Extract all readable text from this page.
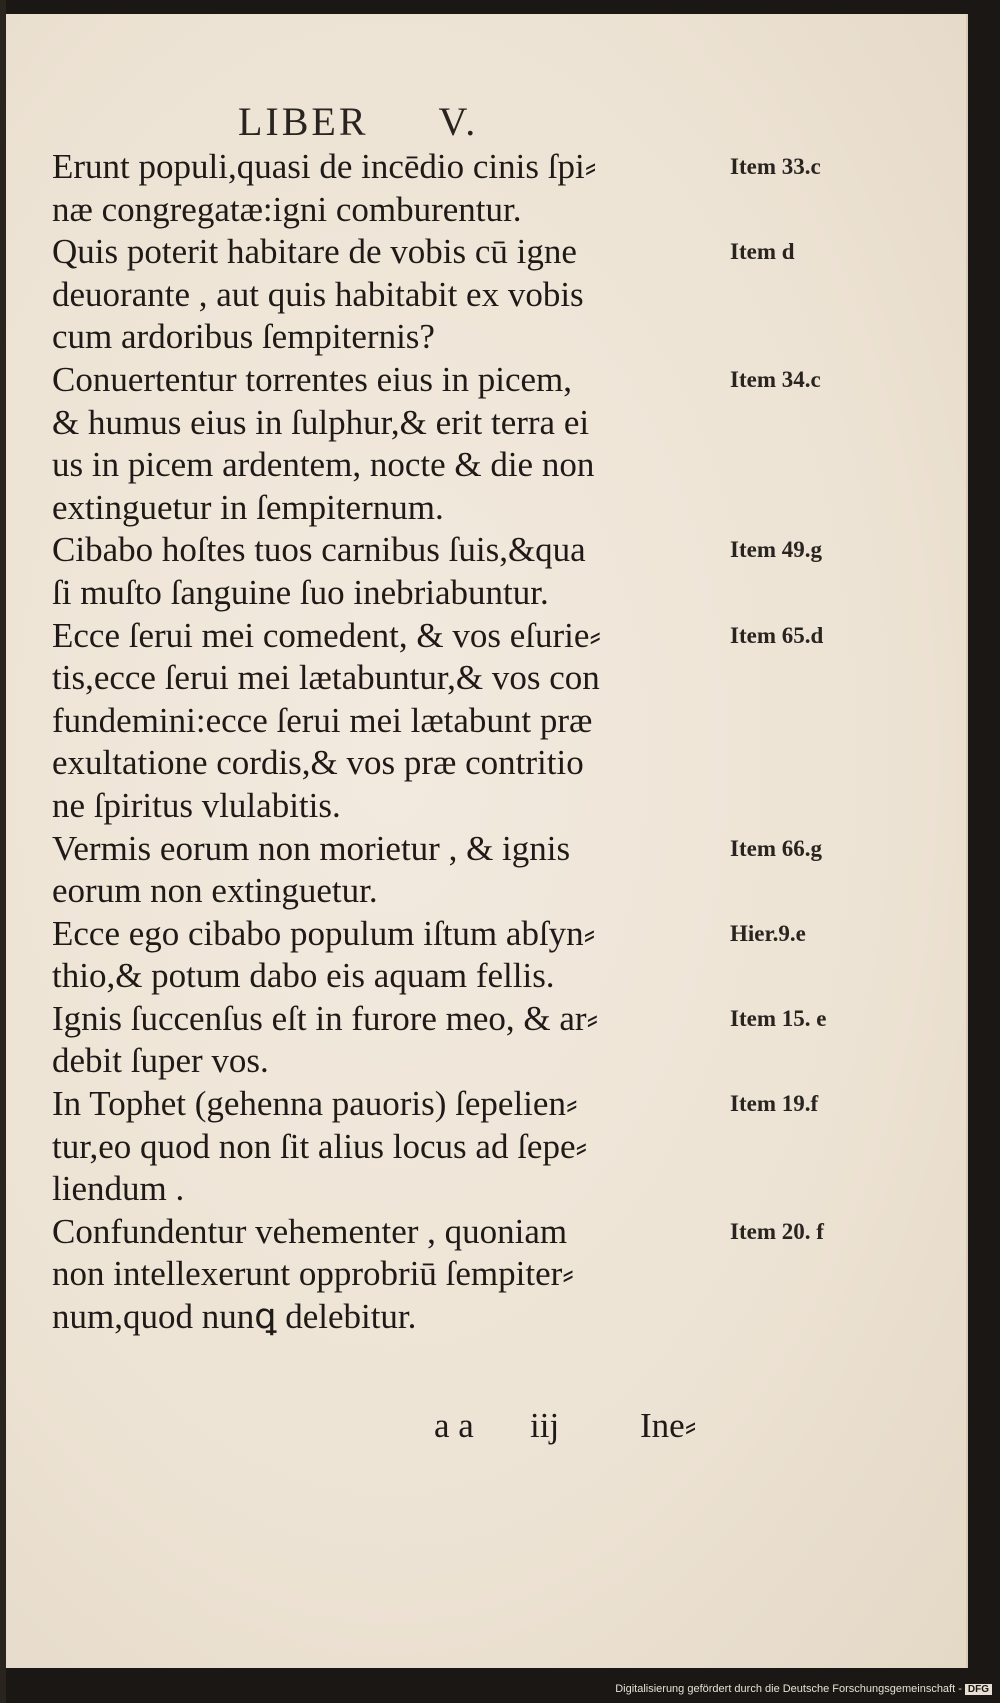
LIBER V.
Erunt populi,quasi de incēdio cinis ſpi⸗
næ congregatæ:igni comburentur.
Quis poterit habitare de vobis cū igne
deuorante , aut quis habitabit ex vobis
cum ardoribus ſempiternis?
Conuertentur torrentes eius in picem,
& humus eius in ſulphur,& erit terra ei
us in picem ardentem, nocte & die non
extinguetur in ſempiternum.
Cibabo hoſtes tuos carnibus ſuis,&qua
ſi muſto ſanguine ſuo inebriabuntur.
Ecce ſerui mei comedent, & vos eſurie⸗
tis,ecce ſerui mei lætabuntur,& vos con
fundemini:ecce ſerui mei lætabunt præ
exultatione cordis,& vos præ contritio
ne ſpiritus vlulabitis.
Vermis eorum non morietur , & ignis
eorum non extinguetur.
Ecce ego cibabo populum iſtum abſyn⸗
thio,& potum dabo eis aquam fellis.
Ignis ſuccenſus eſt in furore meo, & ar⸗
debit ſuper vos.
In Tophet (gehenna pauoris) ſepelien⸗
tur,eo quod non ſit alius locus ad ſepe⸗
liendum .
Confundentur vehementer , quoniam
non intellexerunt opprobriū ſempiter⸗
num,quod nunꝗ delebitur.
Item 33.c
Item d
Item 34.c
Item 49.g
Item 65.d
Item 66.g
Hier.9.e
Item 15. e
Item 19.f
Item 20. f
a a iij Ine⸗
Digitalisierung gefördert durch die Deutsche Forschungsgemeinschaft - DFG
